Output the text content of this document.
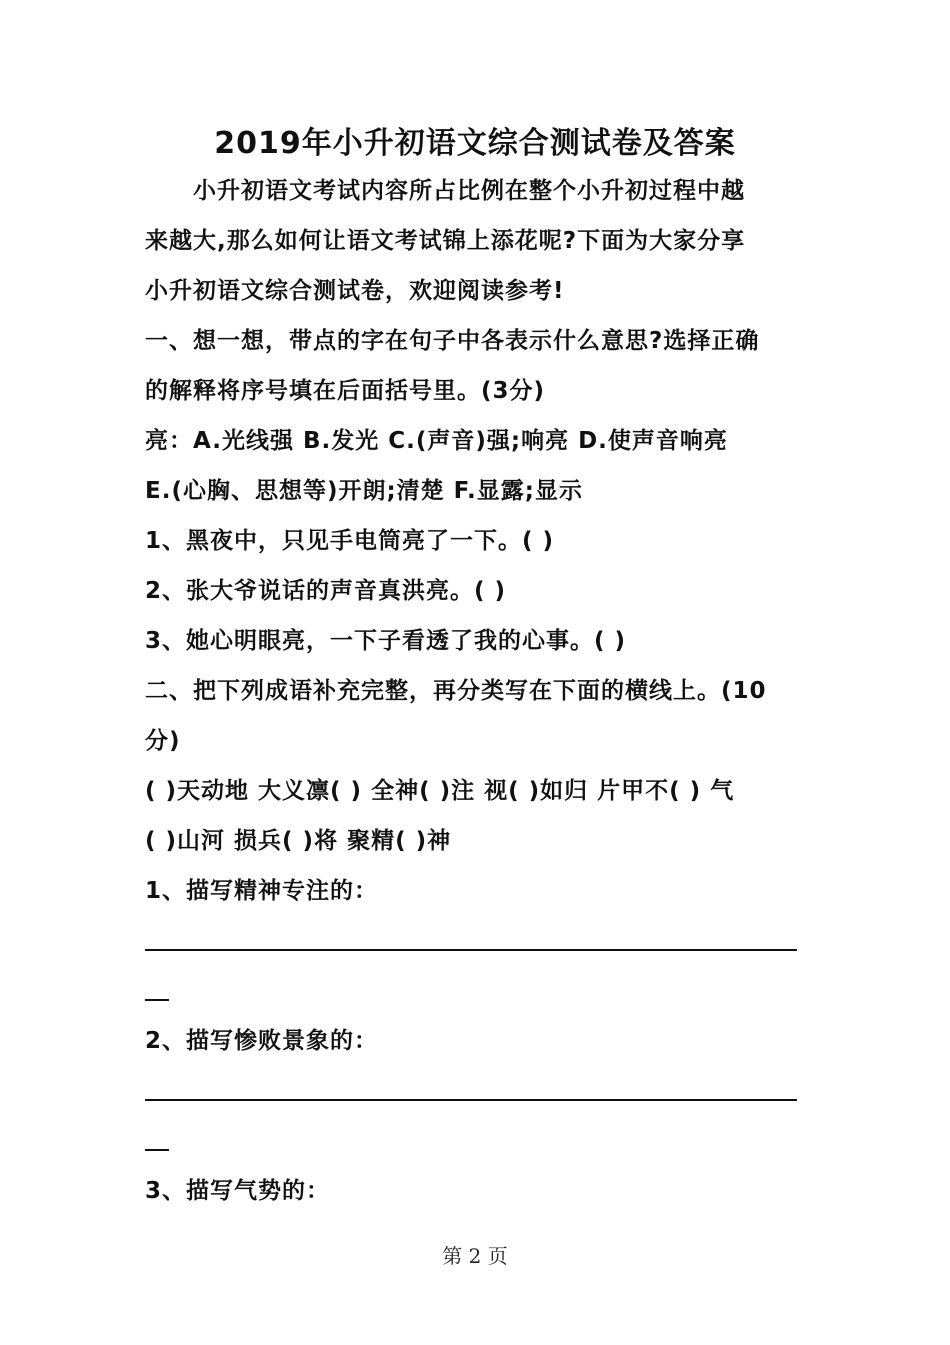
2019年小升初语文综合测试卷及答案
　　小升初语文考试内容所占比例在整个小升初过程中越
来越大,那么如何让语文考试锦上添花呢?下面为大家分享
小升初语文综合测试卷，欢迎阅读参考!
一、想一想，带点的字在句子中各表示什么意思?选择正确
的解释将序号填在后面括号里。(3分)
亮：A.光线强 B.发光 C.(声音)强;响亮 D.使声音响亮
E.(心胸、思想等)开朗;清楚 F.显露;显示
1、黑夜中，只见手电筒亮了一下。( )
2、张大爷说话的声音真洪亮。( )
3、她心明眼亮，一下子看透了我的心事。( )
二、把下列成语补充完整，再分类写在下面的横线上。(10
分)
( )天动地 大义凛( ) 全神( )注 视( )如归 片甲不( ) 气
( )山河 损兵( )将 聚精( )神
1、描写精神专注的：
2、描写惨败景象的：
3、描写气势的：
第 2 页
